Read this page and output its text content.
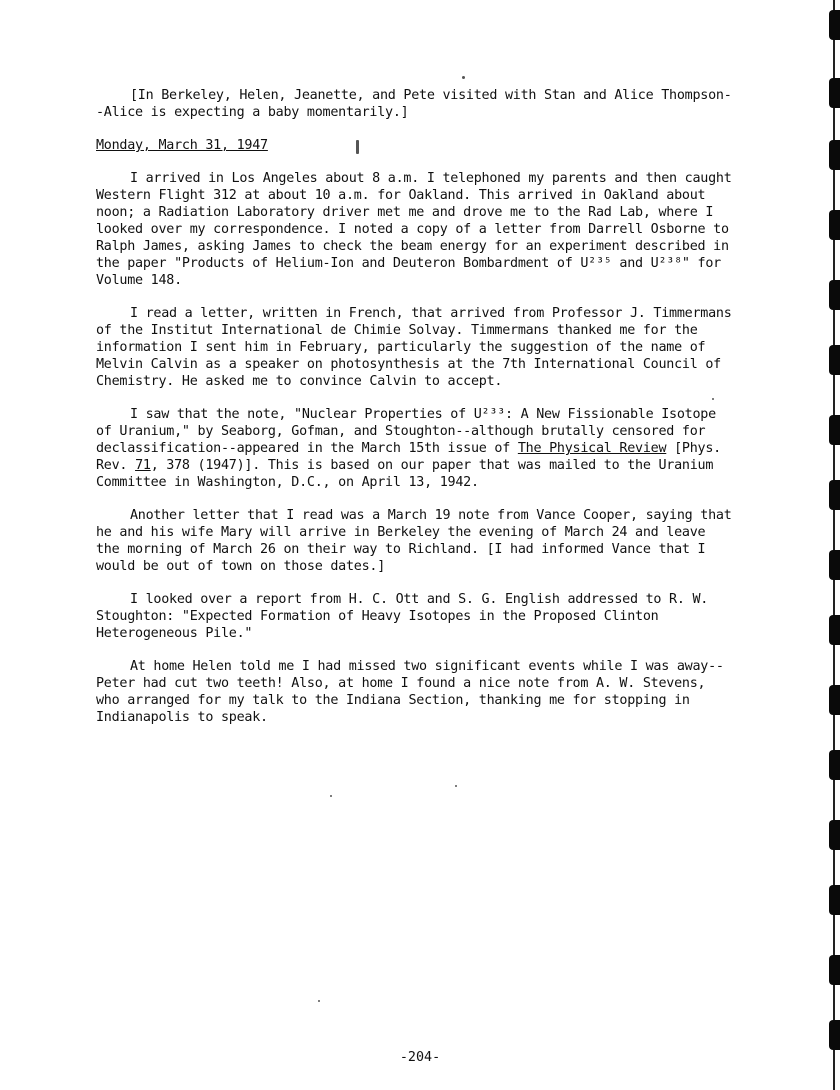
[In Berkeley, Helen, Jeanette, and Pete visited with Stan and Alice Thompson--Alice is expecting a baby momentarily.]

Monday, March 31, 1947

I arrived in Los Angeles about 8 a.m. I telephoned my parents and then caught Western Flight 312 at about 10 a.m. for Oakland. This arrived in Oakland about noon; a Radiation Laboratory driver met me and drove me to the Rad Lab, where I looked over my correspondence. I noted a copy of a letter from Darrell Osborne to Ralph James, asking James to check the beam energy for an experiment described in the paper "Products of Helium-Ion and Deuteron Bombardment of U²³⁵ and U²³⁸" for Volume 148.

I read a letter, written in French, that arrived from Professor J. Timmermans of the Institut International de Chimie Solvay. Timmermans thanked me for the information I sent him in February, particularly the suggestion of the name of Melvin Calvin as a speaker on photosynthesis at the 7th International Council of Chemistry. He asked me to convince Calvin to accept.

I saw that the note, "Nuclear Properties of U²³³: A New Fissionable Isotope of Uranium," by Seaborg, Gofman, and Stoughton--although brutally censored for declassification--appeared in the March 15th issue of The Physical Review [Phys. Rev. 71, 378 (1947)]. This is based on our paper that was mailed to the Uranium Committee in Washington, D.C., on April 13, 1942.

Another letter that I read was a March 19 note from Vance Cooper, saying that he and his wife Mary will arrive in Berkeley the evening of March 24 and leave the morning of March 26 on their way to Richland. [I had informed Vance that I would be out of town on those dates.]

I looked over a report from H. C. Ott and S. G. English addressed to R. W. Stoughton: "Expected Formation of Heavy Isotopes in the Proposed Clinton Heterogeneous Pile."

At home Helen told me I had missed two significant events while I was away--Peter had cut two teeth! Also, at home I found a nice note from A. W. Stevens, who arranged for my talk to the Indiana Section, thanking me for stopping in Indianapolis to speak.

-204-
